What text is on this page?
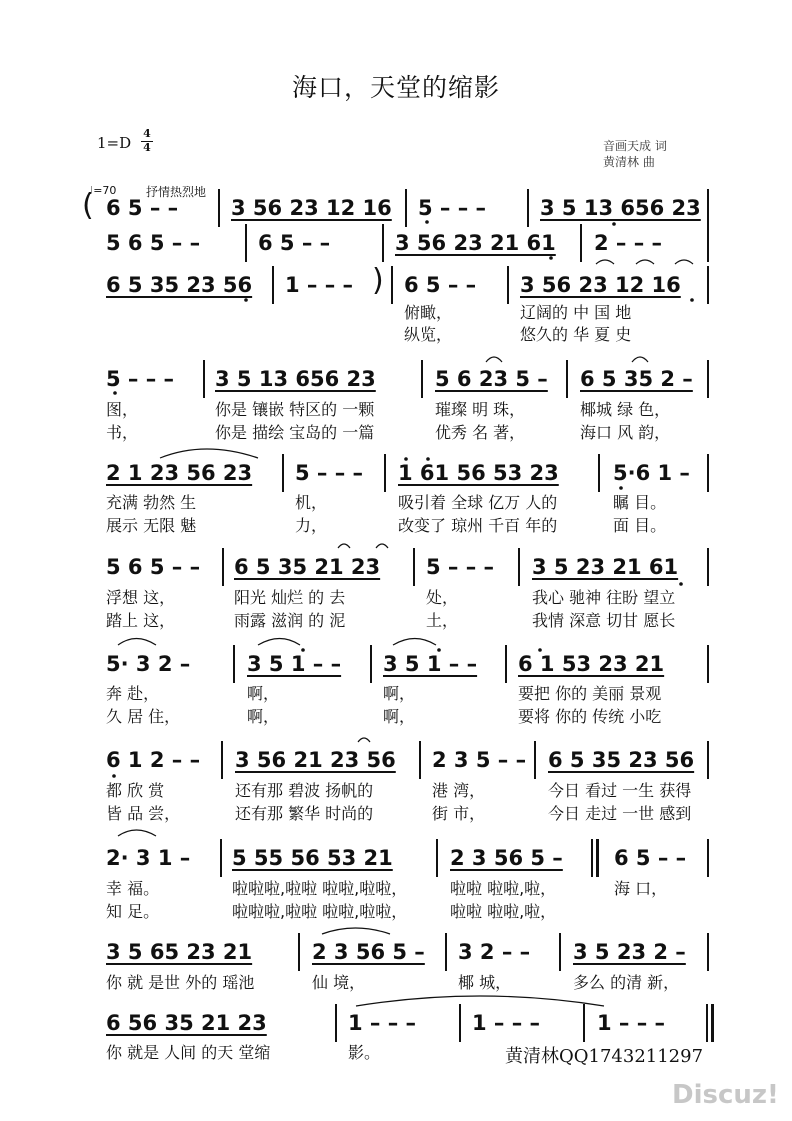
海口，天堂的缩影
1=D
4
4	音画天成 词
黄清林 曲
♩=70 抒情热烈地
(
)
6 5 – –	3 56 23 12 16 5 – – –	3 5 13 656 23
5 6 5 – –	6 5 – –	3 56 23 21 61 2 – – –
6 5 35 23 56 1 – – – 6 5 – – 3 56 23 12 16
俯瞰，	辽阔的 中 国 地
纵览，	悠久的 华 夏 史
5 – – – 3 5 13 656 23	5 6 23 5 – 6 5 35 2 –
图，	你是 镶嵌 特区的 一颗	璀璨 明 珠，	椰城 绿 色，
书，	你是 描绘 宝岛的 一篇	优秀 名 著，	海口 风 韵，
2 1 23 56 23 5 – – – 1 61 56 53 23	5·6 1 –
充满 勃然 生	机，	吸引着 全球 亿万 人的	瞩 目。
展示 无限 魅	力，	改变了 琼州 千百 年的	面 目。
5 6 5 – – 6 5 35 21 23 5 – – – 3 5 23 21 61
浮想 这，	阳光 灿烂 的 去	处，	我心 驰神 往盼 望立
踏上 这，	雨露 滋润 的 泥	土，	我情 深意 切甘 愿长
5· 3 2 –	3 5 1 – – 3 5 1 – – 6 1 53 23 21
奔 赴，	啊，	啊，	要把 你的 美丽 景观
久 居 住，	啊，	啊，	要将 你的 传统 小吃
6 1 2 – – 3 56 21 23 56 2 3 5 – – 6 5 35 23 56
都 欣 赏	还有那 碧波 扬帆的	港 湾，	今日 看过 一生 获得
皆 品 尝，	还有那 繁华 时尚的	街 市，	今日 走过 一世 感到
2· 3 1 – 5 55 56 53 21	2 3 56 5 – 6 5 – –
幸 福。	啦啦啦,啦啦 啦啦,啦啦，	啦啦 啦啦,啦，	海 口，
知 足。	啦啦啦,啦啦 啦啦,啦啦，	啦啦 啦啦,啦，
3 5 65 23 21	2 3 56 5 – 3 2 – – 3 5 23 2 –
你 就 是世 外的 瑶池	仙 境，	椰 城，	多么 的清 新，
6 56 35 21 23	1 – – –	1 – – –	1 – – –
你 就是 人间 的天 堂缩	影。	黄清林QQ1743211297
Discuz!
